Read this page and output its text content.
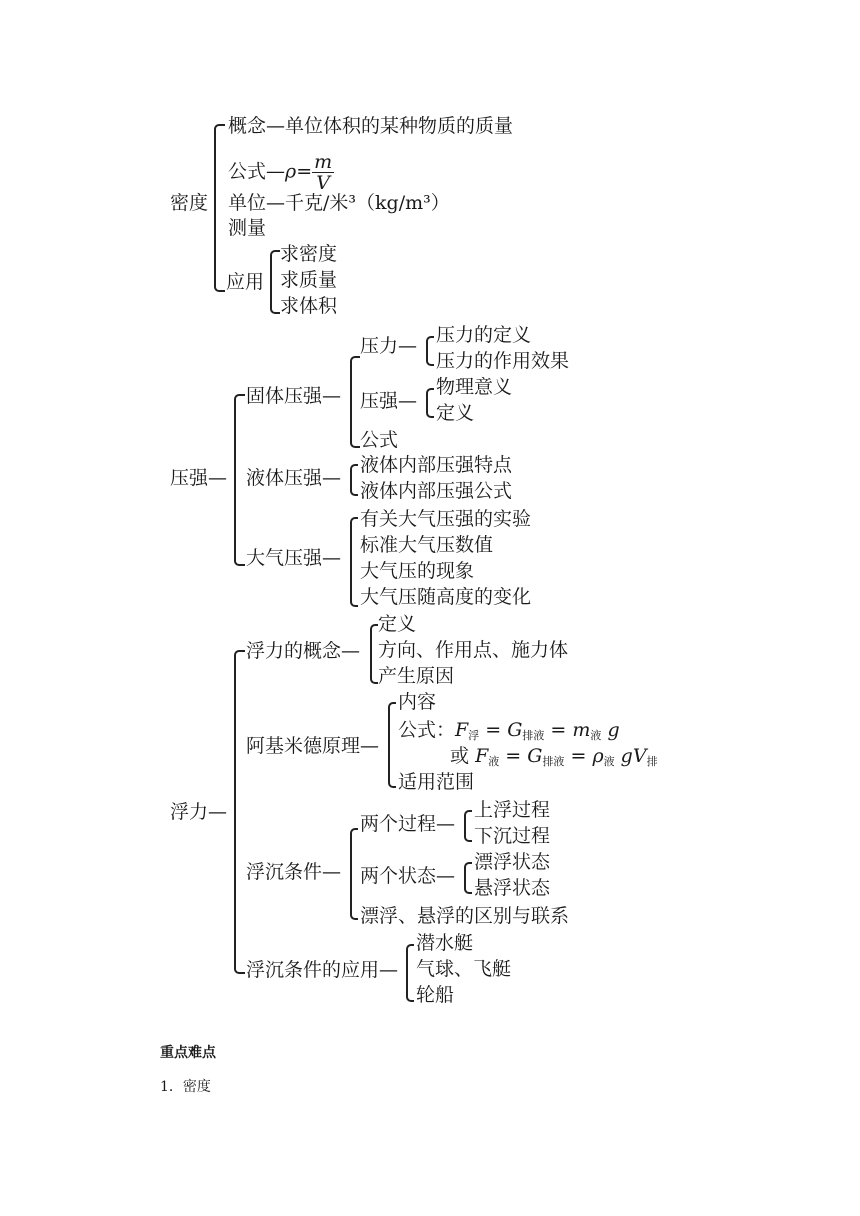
密度
概念—单位体积的某种物质的质量
公式—ρ= $\frac{m}{V}$
单位—千克/米³（kg/m³）
测量
应用
求密度
求质量
求体积
压强—
固体压强—
压力— 压力的定义
压力的作用效果
压强—
物理意义
定义
公式
液体压强—
液体内部压强特点
液体内部压强公式
大气压强—
有关大气压强的实验
标准大气压数值
大气压的现象
大气压随高度的变化
浮力—
浮力的概念—
定义
方向、作用点、施力体
产生原因
阿基米德原理—
内容
公式：$F_浮 = G_{排液} = m_液$ g
或 $F_液 = G_{排液} = \rho_液$ $gV_排$
适用范围
浮沉条件—
两个过程—
上浮过程
下沉过程
两个状态—
漂浮状态
悬浮状态
漂浮、悬浮的区别与联系
浮沉条件的应用—
潜水艇
气球、飞艇
轮船
重点难点
1．密度
